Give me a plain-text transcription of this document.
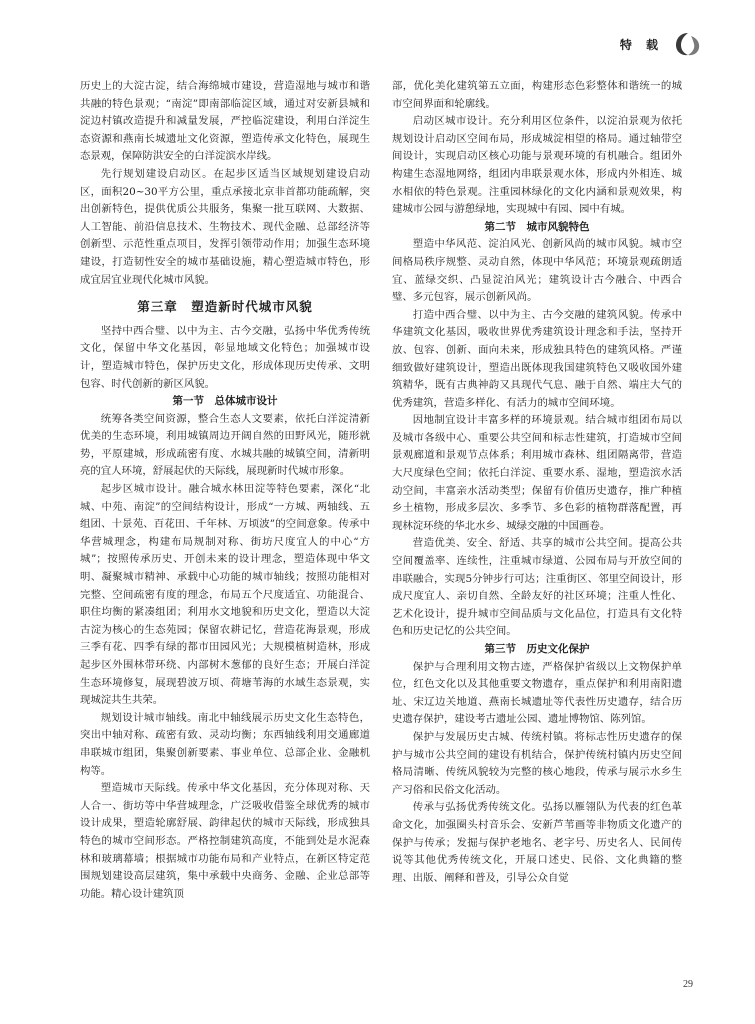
特 载

历史上的大淀古淀，结合海绵城市建设，营造湿地与城市和谐共融的特色景观；“南淀”即南部临淀区域，通过对安新县城和淀边村镇改造提升和减量发展，严控临淀建设，利用白洋淀生态资源和燕南长城遗址文化资源，塑造传承文化特色，展现生态景观，保障防洪安全的白洋淀滨水岸线。

先行规划建设启动区。在起步区适当区域规划建设启动区，面积20~30平方公里，重点承接北京非首都功能疏解，突出创新特色，提供优质公共服务，集聚一批互联网、大数据、人工智能、前沿信息技术、生物技术、现代金融、总部经济等创新型、示范性重点项目，发挥引领带动作用；加强生态环境建设，打造韧性安全的城市基础设施，精心塑造城市特色，形成宜居宜业现代化城市风貌。

第三章　塑造新时代城市风貌

坚持中西合璧、以中为主、古今交融，弘扬中华优秀传统文化，保留中华文化基因，彰显地域文化特色；加强城市设计，塑造城市特色，保护历史文化，形成体现历史传承、文明包容、时代创新的新区风貌。

第一节　总体城市设计

统筹各类空间资源，整合生态人文要素，依托白洋淀清新优美的生态环境，利用城镇周边开阔自然的田野风光，随形就势，平原建城，形成疏密有度、水城共融的城镇空间，清新明亮的宜人环境，舒展起伏的天际线，展现新时代城市形象。

起步区城市设计。融合城水林田淀等特色要素，深化“北城、中苑、南淀”的空间结构设计，形成“一方城、两轴线、五组团、十景苑、百花田、千年林、万顷波”的空间意象。传承中华营城理念，构建布局规制对称、街坊尺度宜人的中心“方城”；按照传承历史、开创未来的设计理念，塑造体现中华文明、凝聚城市精神、承载中心功能的城市轴线；按照功能相对完整、空间疏密有度的理念，布局五个尺度适宜、功能混合、职住均衡的紧凑组团；利用水文地貌和历史文化，塑造以大淀古淀为核心的生态苑园；保留农耕记忆，营造花海景观，形成三季有花、四季有绿的都市田园风光；大规模植树造林，形成起步区外围林带环绕、内部树木葱郁的良好生态；开展白洋淀生态环境修复，展现碧波万顷、荷塘苇海的水域生态景观，实现城淀共生共荣。

规划设计城市轴线。南北中轴线展示历史文化生态特色，突出中轴对称、疏密有致、灵动均衡；东西轴线利用交通廊道串联城市组团，集聚创新要素、事业单位、总部企业、金融机构等。

塑造城市天际线。传承中华文化基因，充分体现对称、天人合一、街坊等中华营城理念，广泛吸收借鉴全球优秀的城市设计成果，塑造轮廓舒展、韵律起伏的城市天际线，形成独具特色的城市空间形态。严格控制建筑高度，不能到处是水泥森林和玻璃幕墙；根据城市功能布局和产业特点，在新区特定范围规划建设高层建筑，集中承载中央商务、金融、企业总部等功能。精心设计建筑顶

部，优化美化建筑第五立面，构建形态色彩整体和谐统一的城市空间界面和轮廓线。

启动区城市设计。充分利用区位条件，以淀泊景观为依托规划设计启动区空间布局，形成城淀相望的格局。通过轴带空间设计，实现启动区核心功能与景观环境的有机融合。组团外构建生态湿地网络，组团内串联景观水体，形成内外相连、城水相依的特色景观。注重园林绿化的文化内涵和景观效果，构建城市公园与游憩绿地，实现城中有园、园中有城。

第二节　城市风貌特色

塑造中华风范、淀泊风光、创新风尚的城市风貌。城市空间格局秩序规整、灵动自然，体现中华风范；环境景观疏朗适宜、蓝绿交织、凸显淀泊风光；建筑设计古今融合、中西合璧、多元包容，展示创新风尚。

打造中西合璧、以中为主、古今交融的建筑风貌。传承中华建筑文化基因，吸收世界优秀建筑设计理念和手法，坚持开放、包容、创新、面向未来，形成独具特色的建筑风格。严谨细致做好建筑设计，塑造出既体现我国建筑特色又吸收国外建筑精华，既有古典神韵又具现代气息、融于自然、端庄大气的优秀建筑，营造多样化、有活力的城市空间环境。

因地制宜设计丰富多样的环境景观。结合城市组团布局以及城市各级中心、重要公共空间和标志性建筑，打造城市空间景观廊道和景观节点体系；利用城市森林、组团隔离带，营造大尺度绿色空间；依托白洋淀、重要水系、湿地，塑造滨水活动空间，丰富亲水活动类型；保留有价值历史遗存，推广种植乡土植物，形成多层次、多季节、多色彩的植物群落配置，再现林淀环绕的华北水乡、城绿交融的中国画卷。

营造优美、安全、舒适、共享的城市公共空间。提高公共空间覆盖率、连续性，注重城市绿道、公园布局与开放空间的串联融合，实现5分钟步行可达；注重街区、邻里空间设计，形成尺度宜人、亲切自然、全龄友好的社区环境；注重人性化、艺术化设计，提升城市空间品质与文化品位，打造具有文化特色和历史记忆的公共空间。

第三节　历史文化保护

保护与合理利用文物古迹，严格保护省级以上文物保护单位，红色文化以及其他重要文物遗存，重点保护和利用南阳遗址、宋辽边关地道、燕南长城遗址等代表性历史遗存，结合历史遗存保护，建设考古遗址公园、遗址博物馆、陈列馆。

保护与发展历史古城、传统村镇。将标志性历史遗存的保护与城市公共空间的建设有机结合，保护传统村镇内历史空间格局清晰、传统风貌较为完整的核心地段，传承与展示水乡生产习俗和民俗文化活动。

传承与弘扬优秀传统文化。弘扬以雁翎队为代表的红色革命文化，加强圈头村音乐会、安新芦苇画等非物质文化遗产的保护与传承；发掘与保护老地名、老字号、历史名人、民间传说等其他优秀传统文化，开展口述史、民俗、文化典籍的整理、出版、阐释和普及，引导公众自觉

29
